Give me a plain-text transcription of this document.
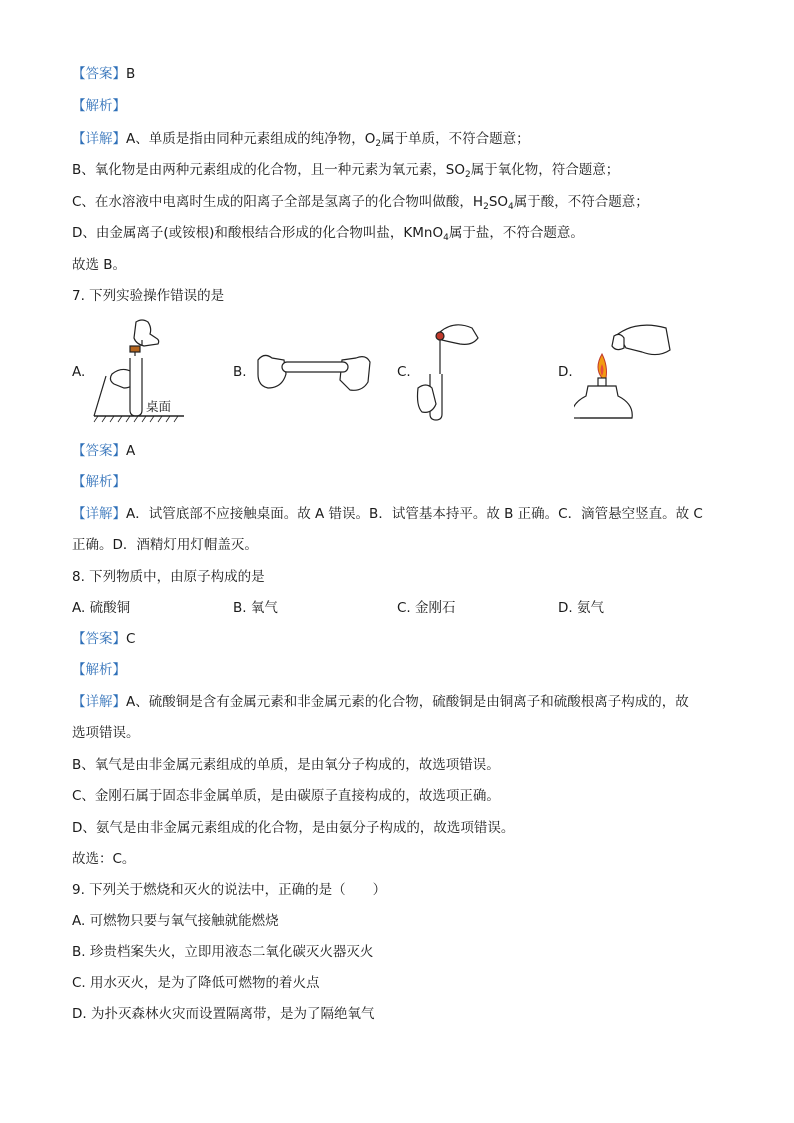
【答案】B
【解析】
【详解】A、单质是指由同种元素组成的纯净物，$O_2$属于单质，不符合题意；
B、氧化物是由两种元素组成的化合物，且一种元素为氧元素，$SO_2$属于氧化物，符合题意；
C、在水溶液中电离时生成的阳离子全部是氢离子的化合物叫做酸，$H_2SO_4$属于酸，不符合题意；
D、由金属离子(或铵根)和酸根结合形成的化合物叫盐，KMnO$_4$属于盐，不符合题意。
故选 B。
7. 下列实验操作错误的是
A.
桌面
B.	C.	D.
【答案】A
【解析】
【详解】A．试管底部不应接触桌面。故 A 错误。B．试管基本持平。故 B 正确。C．滴管悬空竖直。故 C
正确。D．酒精灯用灯帽盖灭。
8. 下列物质中，由原子构成的是
A. 硫酸铜	B. 氧气	C. 金刚石	D. 氨气
【答案】C
【解析】
【详解】A、硫酸铜是含有金属元素和非金属元素的化合物，硫酸铜是由铜离子和硫酸根离子构成的，故
选项错误。
B、氧气是由非金属元素组成的单质，是由氧分子构成的，故选项错误。
C、金刚石属于固态非金属单质，是由碳原子直接构成的，故选项正确。
D、氨气是由非金属元素组成的化合物，是由氨分子构成的，故选项错误。
故选：C。
9. 下列关于燃烧和灭火的说法中，正确的是（　　）
A. 可燃物只要与氧气接触就能燃烧
B. 珍贵档案失火，立即用液态二氧化碳灭火器灭火
C. 用水灭火，是为了降低可燃物的着火点
D. 为扑灭森林火灾而设置隔离带，是为了隔绝氧气
